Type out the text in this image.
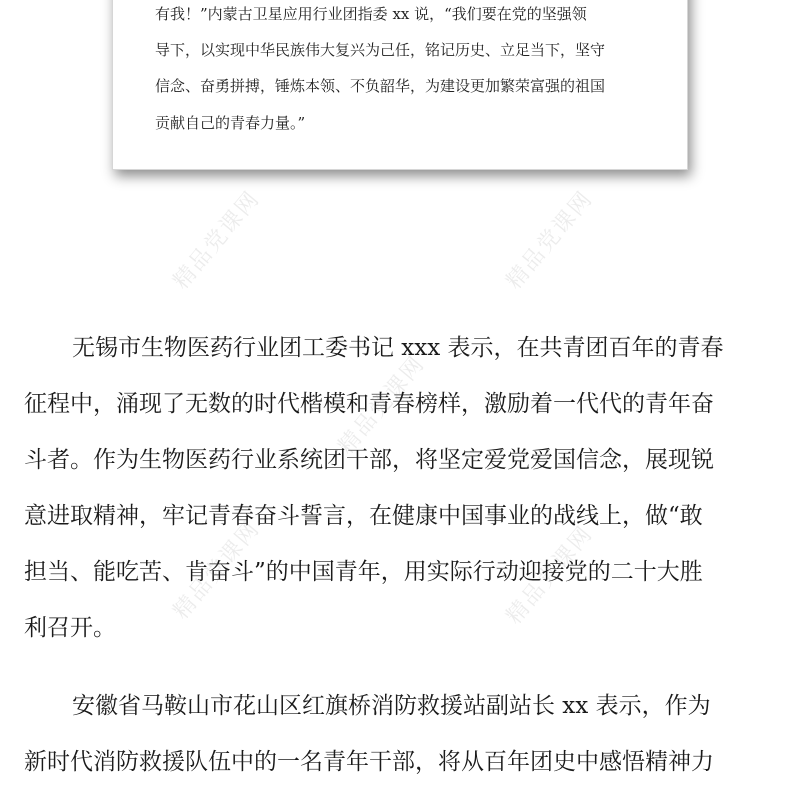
有我！”内蒙古卫星应用行业团指委 xx 说，“我们要在党的坚强领
导下，以实现中华民族伟大复兴为己任，铭记历史、立足当下，坚守
信念、奋勇拼搏，锤炼本领、不负韶华，为建设更加繁荣富强的祖国
贡献自己的青春力量。”
无锡市生物医药行业团工委书记 xxx 表示，在共青团百年的青春
征程中，涌现了无数的时代楷模和青春榜样，激励着一代代的青年奋
斗者。作为生物医药行业系统团干部，将坚定爱党爱国信念，展现锐
意进取精神，牢记青春奋斗誓言，在健康中国事业的战线上，做“敢
担当、能吃苦、肯奋斗”的中国青年，用实际行动迎接党的二十大胜
利召开。
安徽省马鞍山市花山区红旗桥消防救援站副站长 xx 表示，作为
新时代消防救援队伍中的一名青年干部，将从百年团史中感悟精神力
精品党课网	精品党课网
精品党课网	精品党课网
精品党课网
